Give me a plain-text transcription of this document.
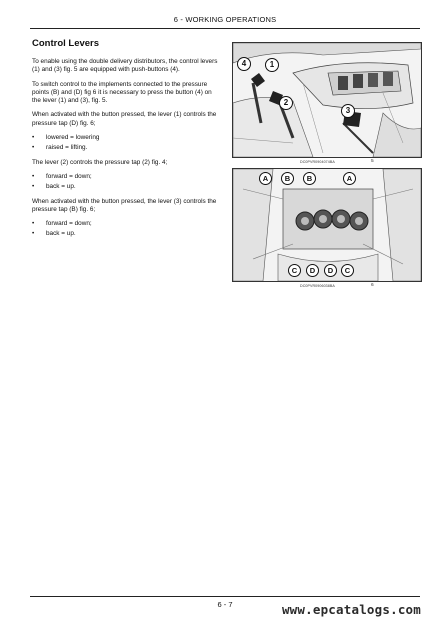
6 - WORKING OPERATIONS
Control Levers

To enable using the double delivery distributors, the control levers (1) and (3) fig. 5 are equipped with push-buttons (4).

To switch control to the implements connected to the pressure points (B) and (D) fig 6 it is necessary to press the button (4) on the lever (1) and (3), fig. 5.

When activated with the button pressed, the lever (1) controls the pressure tap (D) fig. 6;

•	lowered = lowering
•	raised = lifting.

The lever (2) controls the pressure tap (2) fig. 4;

•	forward = down;
•	back = up.

When activated with the button pressed, the lever (3) controls the pressure tap (B) fig. 6;

•	forward = down;
•	back = up.
4	1
2
3
DC0PVR0904074BA	5
A	B	B	A
C	D	D	C
DC0PVR0906038BA	6
6 - 7	www.epcatalogs.com
